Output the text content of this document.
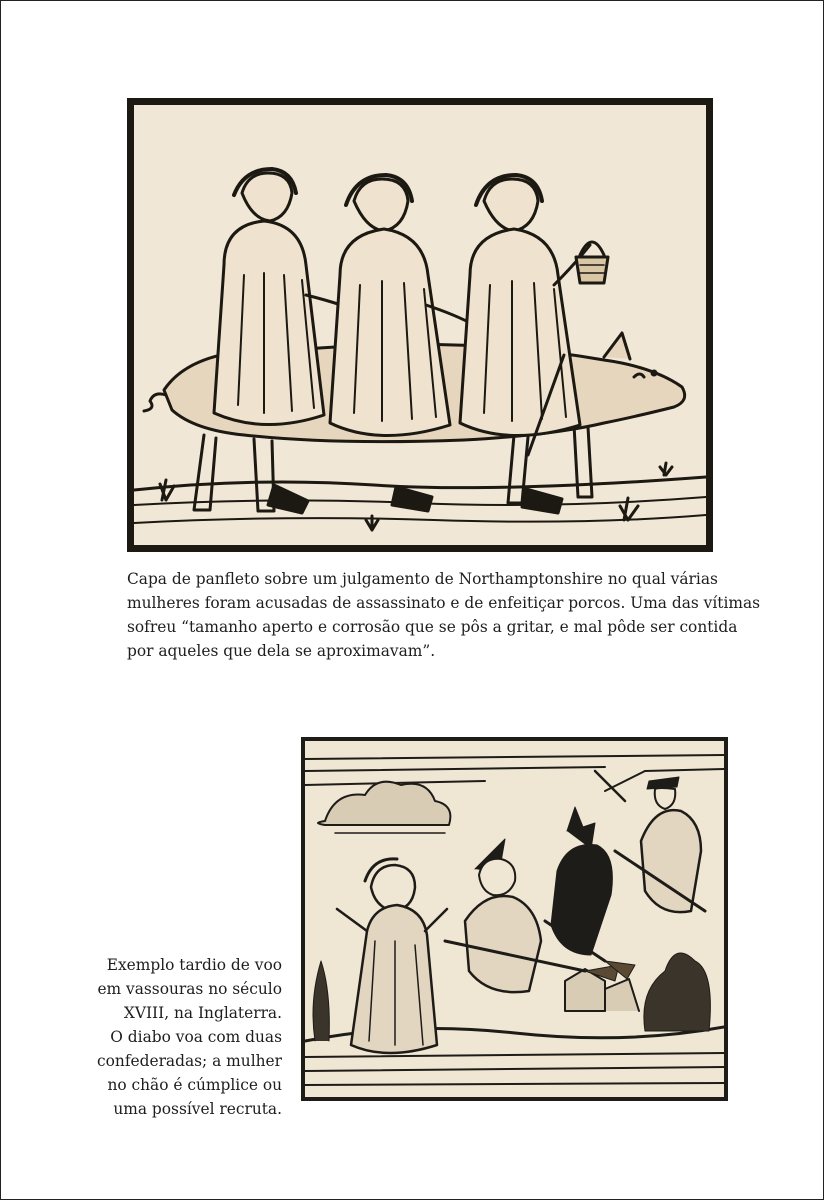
Capa de panfleto sobre um julgamento de Northamptonshire no qual várias
mulheres foram acusadas de assassinato e de enfeitiçar porcos. Uma das vítimas
sofreu “tamanho aperto e corrosão que se pôs a gritar, e mal pôde ser contida
por aqueles que dela se aproximavam”.

Exemplo tardio de voo
em vassouras no século
XVIII, na Inglaterra.
O diabo voa com duas
confederadas; a mulher
no chão é cúmplice ou
uma possível recruta.
